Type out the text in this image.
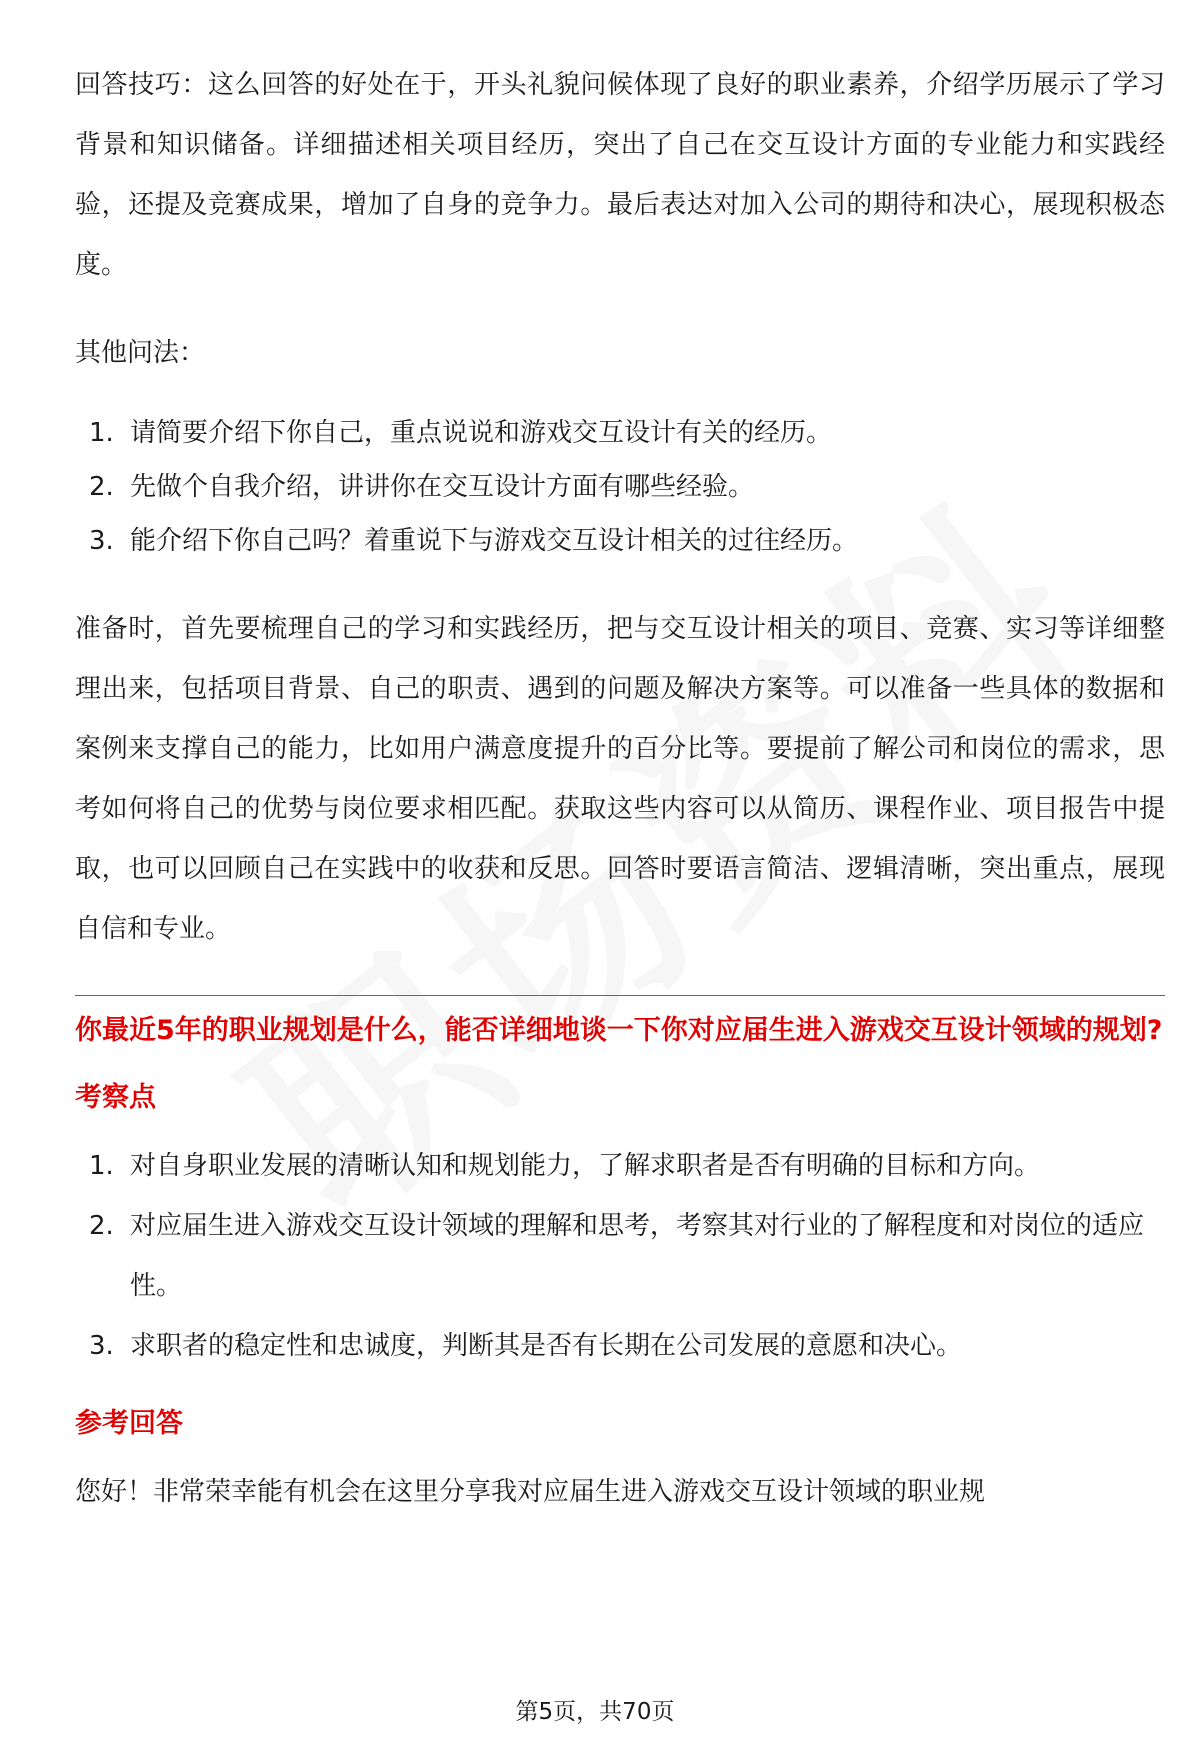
回答技巧：这么回答的好处在于，开头礼貌问候体现了良好的职业素养，介绍学历展示了学习背景和知识储备。详细描述相关项目经历，突出了自己在交互设计方面的专业能力和实践经验，还提及竞赛成果，增加了自身的竞争力。最后表达对加入公司的期待和决心，展现积极态度。

其他问法：

1. 请简要介绍下你自己，重点说说和游戏交互设计有关的经历。
2. 先做个自我介绍，讲讲你在交互设计方面有哪些经验。
3. 能介绍下你自己吗？着重说下与游戏交互设计相关的过往经历。

准备时，首先要梳理自己的学习和实践经历，把与交互设计相关的项目、竞赛、实习等详细整理出来，包括项目背景、自己的职责、遇到的问题及解决方案等。可以准备一些具体的数据和案例来支撑自己的能力，比如用户满意度提升的百分比等。要提前了解公司和岗位的需求，思考如何将自己的优势与岗位要求相匹配。获取这些内容可以从简历、课程作业、项目报告中提取，也可以回顾自己在实践中的收获和反思。回答时要语言简洁、逻辑清晰，突出重点，展现自信和专业。

你最近5年的职业规划是什么，能否详细地谈一下你对应届生进入游戏交互设计领域的规划?

考察点
1. 对自身职业发展的清晰认知和规划能力，了解求职者是否有明确的目标和方向。
2. 对应届生进入游戏交互设计领域的理解和思考，考察其对行业的了解程度和对岗位的适应性。
3. 求职者的稳定性和忠诚度，判断其是否有长期在公司发展的意愿和决心。
参考回答

您好！非常荣幸能有机会在这里分享我对应届生进入游戏交互设计领域的职业规

第5页，共70页
